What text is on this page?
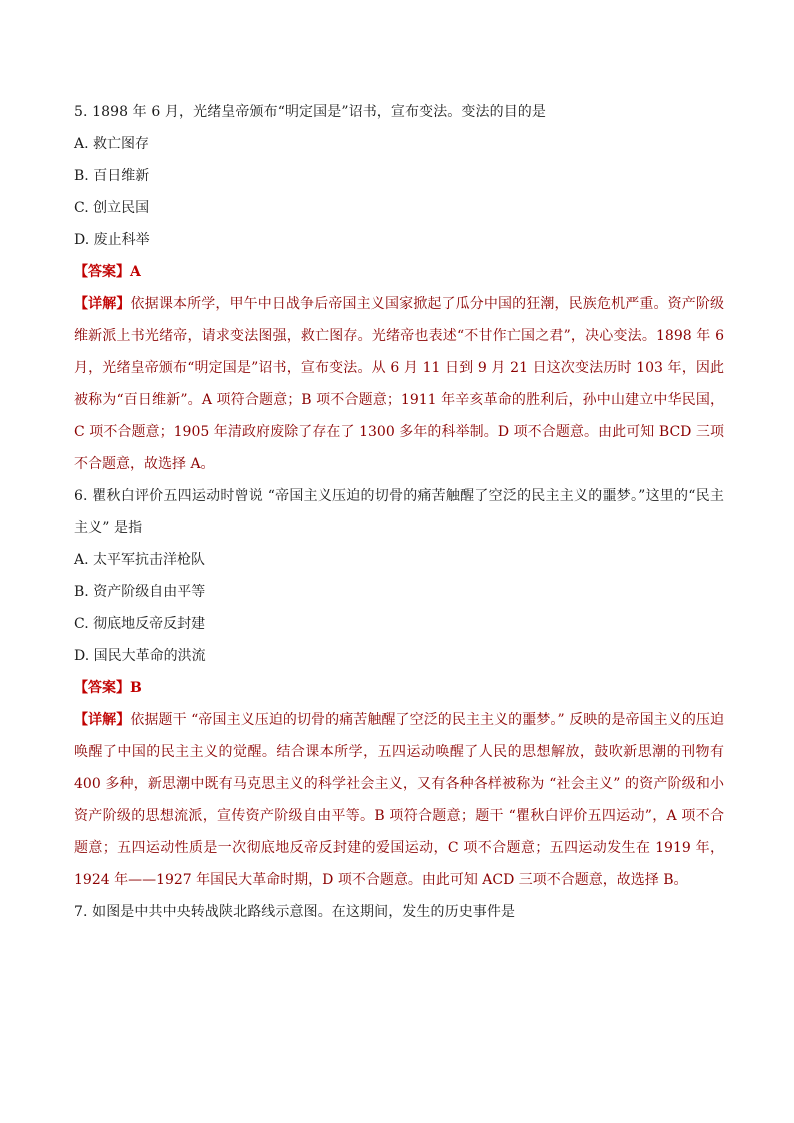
5. 1898 年 6 月，光绪皇帝颁布“明定国是”诏书，宣布变法。变法的目的是

A. 救亡图存

B. 百日维新

C. 创立民国

D. 废止科举

【答案】A

【详解】依据课本所学，甲午中日战争后帝国主义国家掀起了瓜分中国的狂潮，民族危机严重。资产阶级维新派上书光绪帝，请求变法图强，救亡图存。光绪帝也表述“不甘作亡国之君”，决心变法。1898 年 6 月，光绪皇帝颁布“明定国是”诏书，宣布变法。从 6 月 11 日到 9 月 21 日这次变法历时 103 年，因此被称为“百日维新”。A 项符合题意；B 项不合题意；1911 年辛亥革命的胜利后，孙中山建立中华民国，C 项不合题意；1905 年清政府废除了存在了 1300 多年的科举制。D 项不合题意。由此可知 BCD 三项不合题意，故选择 A。

6. 瞿秋白评价五四运动时曾说 “帝国主义压迫的切骨的痛苦触醒了空泛的民主主义的噩梦。”这里的“民主主义” 是指

A. 太平军抗击洋枪队

B. 资产阶级自由平等

C. 彻底地反帝反封建

D. 国民大革命的洪流

【答案】B

【详解】依据题干 “帝国主义压迫的切骨的痛苦触醒了空泛的民主主义的噩梦。” 反映的是帝国主义的压迫唤醒了中国的民主主义的觉醒。结合课本所学，五四运动唤醒了人民的思想解放，鼓吹新思潮的刊物有 400 多种，新思潮中既有马克思主义的科学社会主义，又有各种各样被称为 “社会主义” 的资产阶级和小资产阶级的思想流派，宣传资产阶级自由平等。B 项符合题意；题干 “瞿秋白评价五四运动”，A 项不合题意；五四运动性质是一次彻底地反帝反封建的爱国运动，C 项不合题意；五四运动发生在 1919 年，1924 年——1927 年国民大革命时期，D 项不合题意。由此可知 ACD 三项不合题意，故选择 B。

7. 如图是中共中央转战陕北路线示意图。在这期间，发生的历史事件是
